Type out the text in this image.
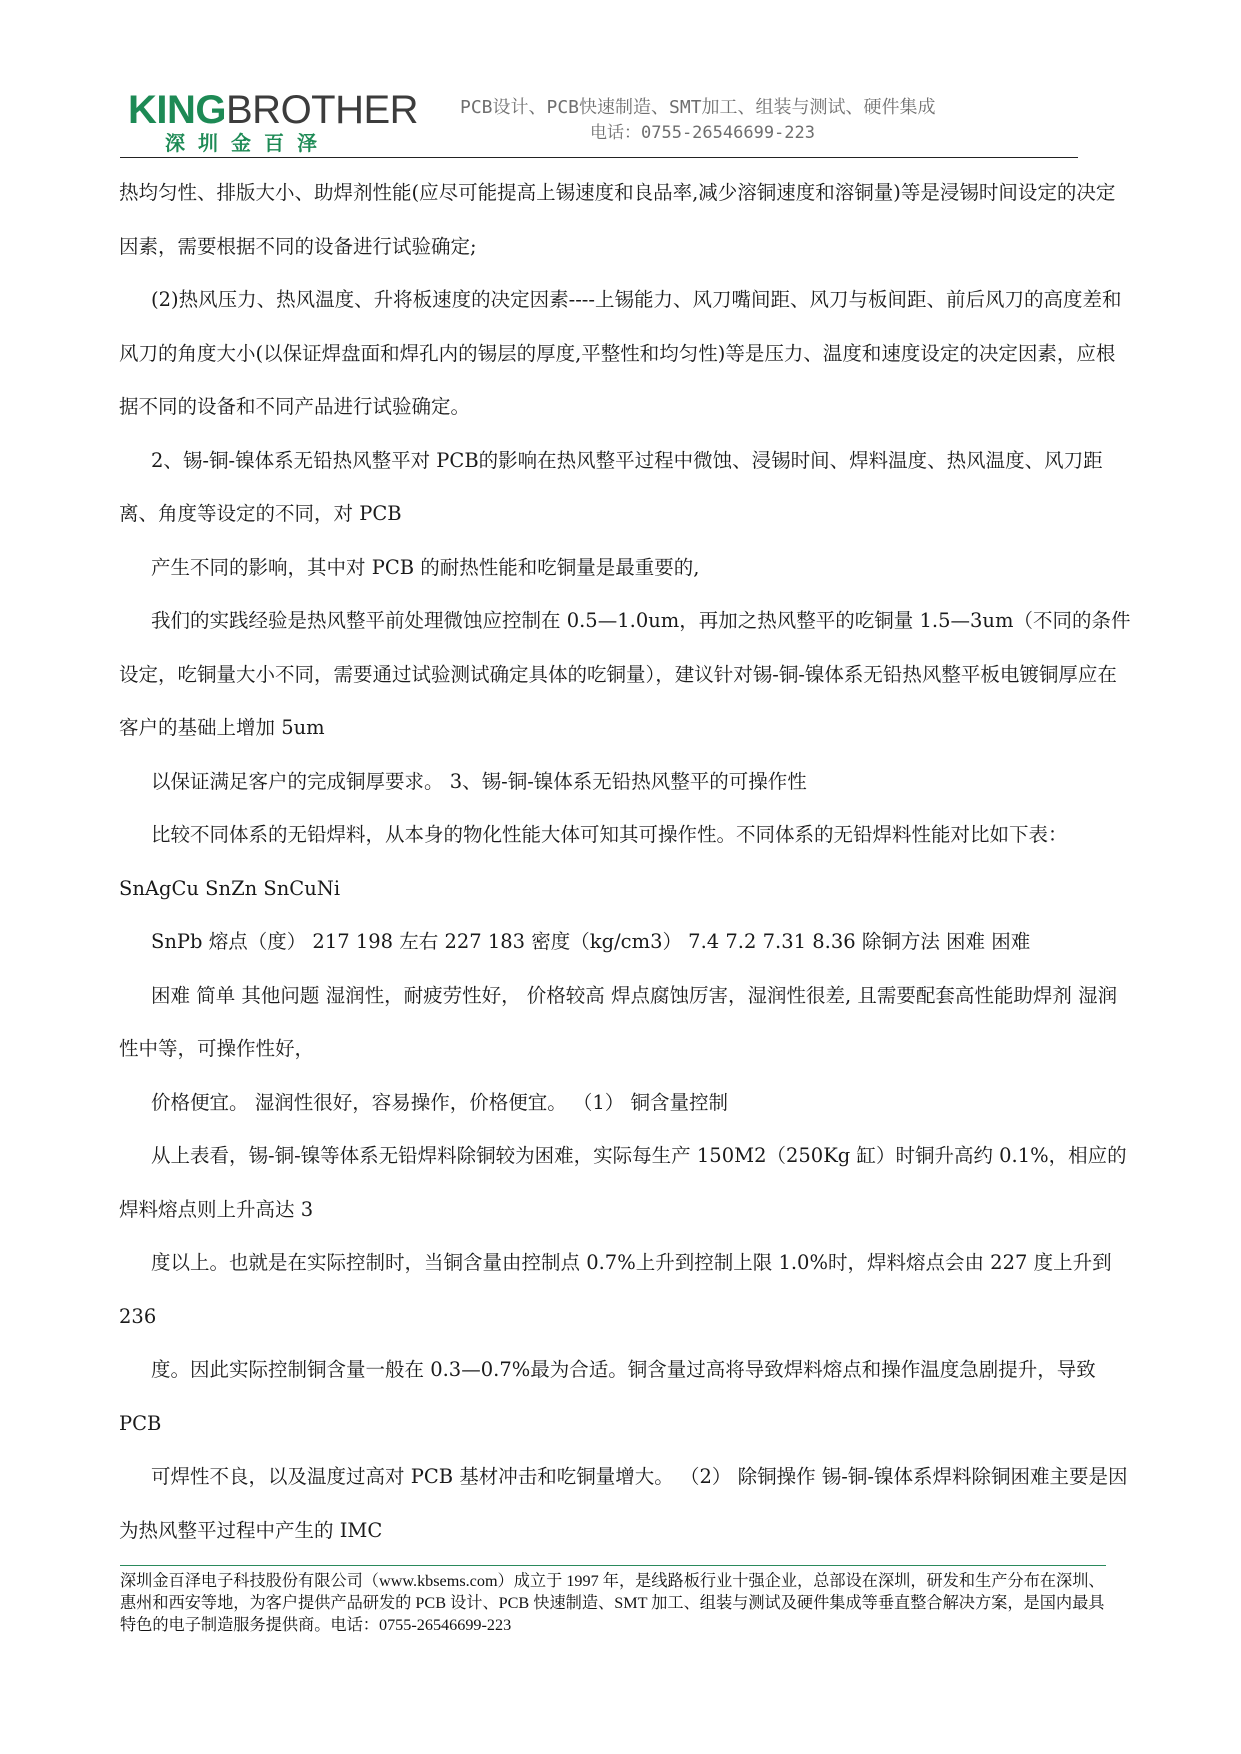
KINGBROTHER
深圳金百泽
PCB设计、PCB快速制造、SMT加工、组装与测试、硬件集成
电话：0755-26546699-223

热均匀性、排版大小、助焊剂性能(应尽可能提高上锡速度和良品率,减少溶铜速度和溶铜量)等是浸锡时间设定的决定因素，需要根据不同的设备进行试验确定;

(2)热风压力、热风温度、升将板速度的决定因素----上锡能力、风刀嘴间距、风刀与板间距、前后风刀的高度差和风刀的角度大小(以保证焊盘面和焊孔内的锡层的厚度,平整性和均匀性)等是压力、温度和速度设定的决定因素，应根据不同的设备和不同产品进行试验确定。

2、锡-铜-镍体系无铅热风整平对 PCB的影响在热风整平过程中微蚀、浸锡时间、焊料温度、热风温度、风刀距离、角度等设定的不同，对 PCB

产生不同的影响，其中对 PCB 的耐热性能和吃铜量是最重要的,

我们的实践经验是热风整平前处理微蚀应控制在 0.5—1.0um，再加之热风整平的吃铜量 1.5—3um（不同的条件设定，吃铜量大小不同，需要通过试验测试确定具体的吃铜量），建议针对锡-铜-镍体系无铅热风整平板电镀铜厚应在客户的基础上增加 5um

以保证满足客户的完成铜厚要求。 3、锡-铜-镍体系无铅热风整平的可操作性

比较不同体系的无铅焊料，从本身的物化性能大体可知其可操作性。不同体系的无铅焊料性能对比如下表： SnAgCu SnZn SnCuNi

SnPb 熔点（度） 217 198 左右 227 183 密度（kg/cm3） 7.4 7.2 7.31 8.36 除铜方法 困难 困难

困难 简单 其他问题 湿润性，耐疲劳性好， 价格较高 焊点腐蚀厉害，湿润性很差, 且需要配套高性能助焊剂 湿润性中等，可操作性好，

价格便宜。 湿润性很好，容易操作，价格便宜。 （1） 铜含量控制

从上表看，锡-铜-镍等体系无铅焊料除铜较为困难，实际每生产 150M2（250Kg 缸）时铜升高约 0.1%，相应的焊料熔点则上升高达 3

度以上。也就是在实际控制时，当铜含量由控制点 0.7%上升到控制上限 1.0%时，焊料熔点会由 227 度上升到 236

度。因此实际控制铜含量一般在 0.3—0.7%最为合适。铜含量过高将导致焊料熔点和操作温度急剧提升，导致 PCB

可焊性不良，以及温度过高对 PCB 基材冲击和吃铜量增大。 （2） 除铜操作 锡-铜-镍体系焊料除铜困难主要是因为热风整平过程中产生的 IMC

深圳金百泽电子科技股份有限公司（www.kbsems.com）成立于 1997 年，是线路板行业十强企业，总部设在深圳，研发和生产分布在深圳、惠州和西安等地，为客户提供产品研发的 PCB 设计、PCB 快速制造、SMT 加工、组装与测试及硬件集成等垂直整合解决方案，是国内最具特色的电子制造服务提供商。电话：0755-26546699-223
